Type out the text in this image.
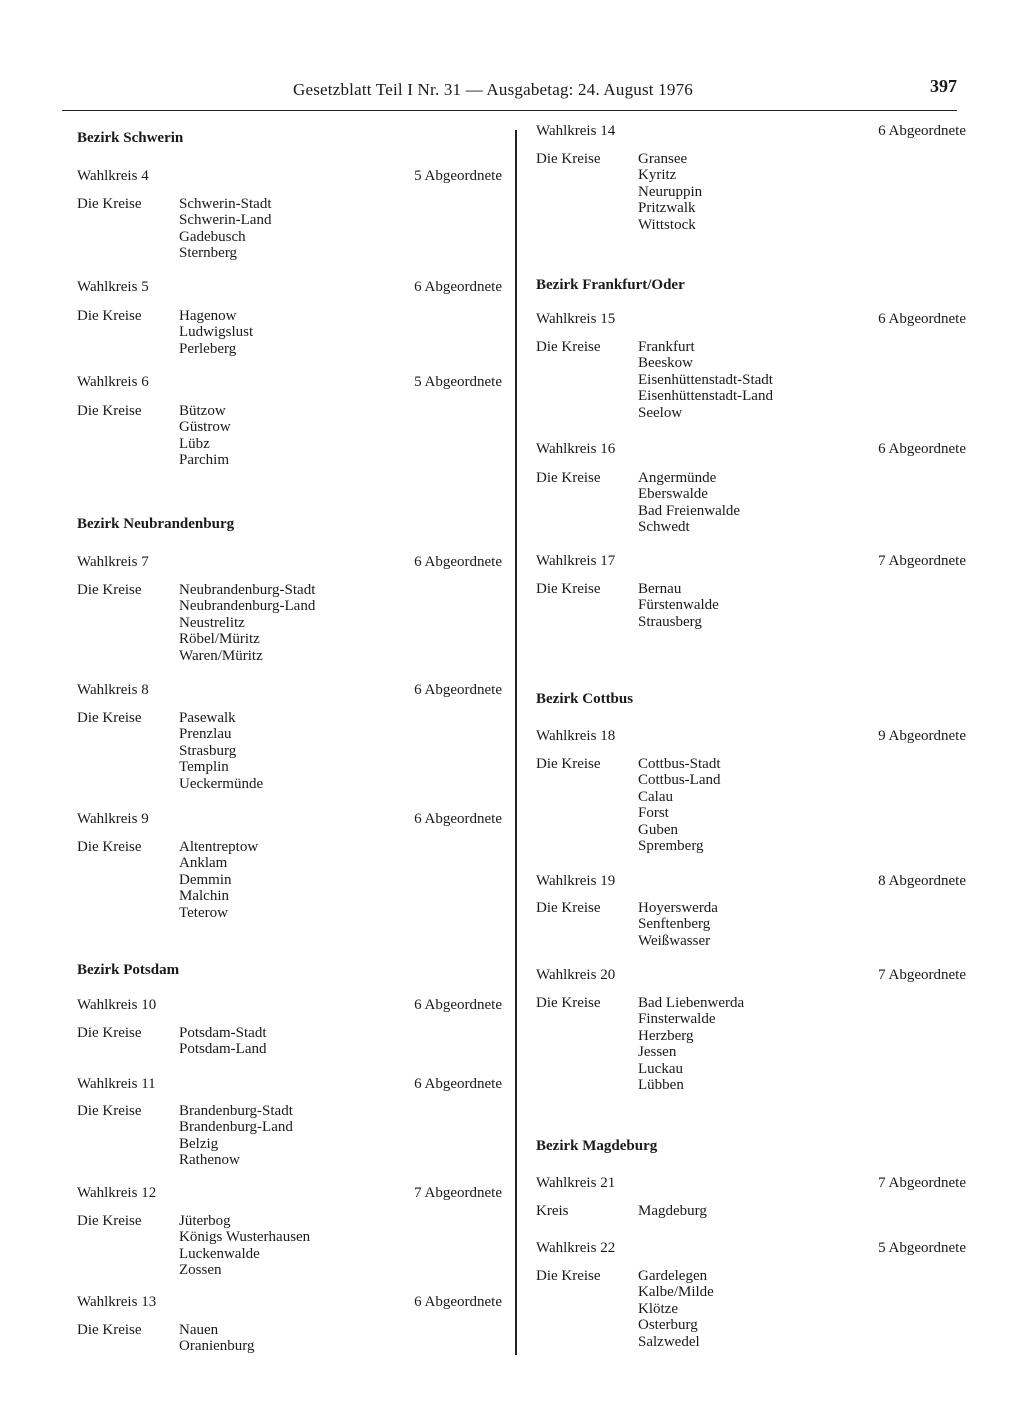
Gesetzblatt Teil I Nr. 31 — Ausgabetag: 24. August 1976	397
Bezirk Schwerin
Wahlkreis 4	5 Abgeordnete
Die Kreise Schwerin-Stadt
Schwerin-Land
Gadebusch
Sternberg
Wahlkreis 5	6 Abgeordnete
Die Kreise Hagenow
Ludwigslust
Perleberg
Wahlkreis 6	5 Abgeordnete
Die Kreise Bützow
Güstrow
Lübz
Parchim
Bezirk Neubrandenburg
Wahlkreis 7	6 Abgeordnete
Die Kreise Neubrandenburg-Stadt
Neubrandenburg-Land
Neustrelitz
Röbel/Müritz
Waren/Müritz
Wahlkreis 8	6 Abgeordnete
Die Kreise Pasewalk
Prenzlau
Strasburg
Templin
Ueckermünde
Wahlkreis 9	6 Abgeordnete
Die Kreise Altentreptow
Anklam
Demmin
Malchin
Teterow
Bezirk Potsdam
Wahlkreis 10	6 Abgeordnete
Die Kreise Potsdam-Stadt
Potsdam-Land
Wahlkreis 11	6 Abgeordnete
Die Kreise Brandenburg-Stadt
Brandenburg-Land
Belzig
Rathenow
Wahlkreis 12	7 Abgeordnete
Die Kreise Jüterbog
Königs Wusterhausen
Luckenwalde
Zossen
Wahlkreis 13	6 Abgeordnete
Die Kreise Nauen
Oranienburg
Wahlkreis 14	6 Abgeordnete
Die Kreise Gransee
Kyritz
Neuruppin
Pritzwalk
Wittstock
Bezirk Frankfurt/Oder
Wahlkreis 15	6 Abgeordnete
Die Kreise Frankfurt
Beeskow
Eisenhüttenstadt-Stadt
Eisenhüttenstadt-Land
Seelow
Wahlkreis 16	6 Abgeordnete
Die Kreise Angermünde
Eberswalde
Bad Freienwalde
Schwedt
Wahlkreis 17	7 Abgeordnete
Die Kreise Bernau
Fürstenwalde
Strausberg
Bezirk Cottbus
Wahlkreis 18	9 Abgeordnete
Die Kreise Cottbus-Stadt
Cottbus-Land
Calau
Forst
Guben
Spremberg
Wahlkreis 19	8 Abgeordnete
Die Kreise Hoyerswerda
Senftenberg
Weißwasser
Wahlkreis 20	7 Abgeordnete
Die Kreise Bad Liebenwerda
Finsterwalde
Herzberg
Jessen
Luckau
Lübben
Bezirk Magdeburg
Wahlkreis 21	7 Abgeordnete
Kreis	Magdeburg
Wahlkreis 22	5 Abgeordnete
Die Kreise Gardelegen
Kalbe/Milde
Klötze
Osterburg
Salzwedel
